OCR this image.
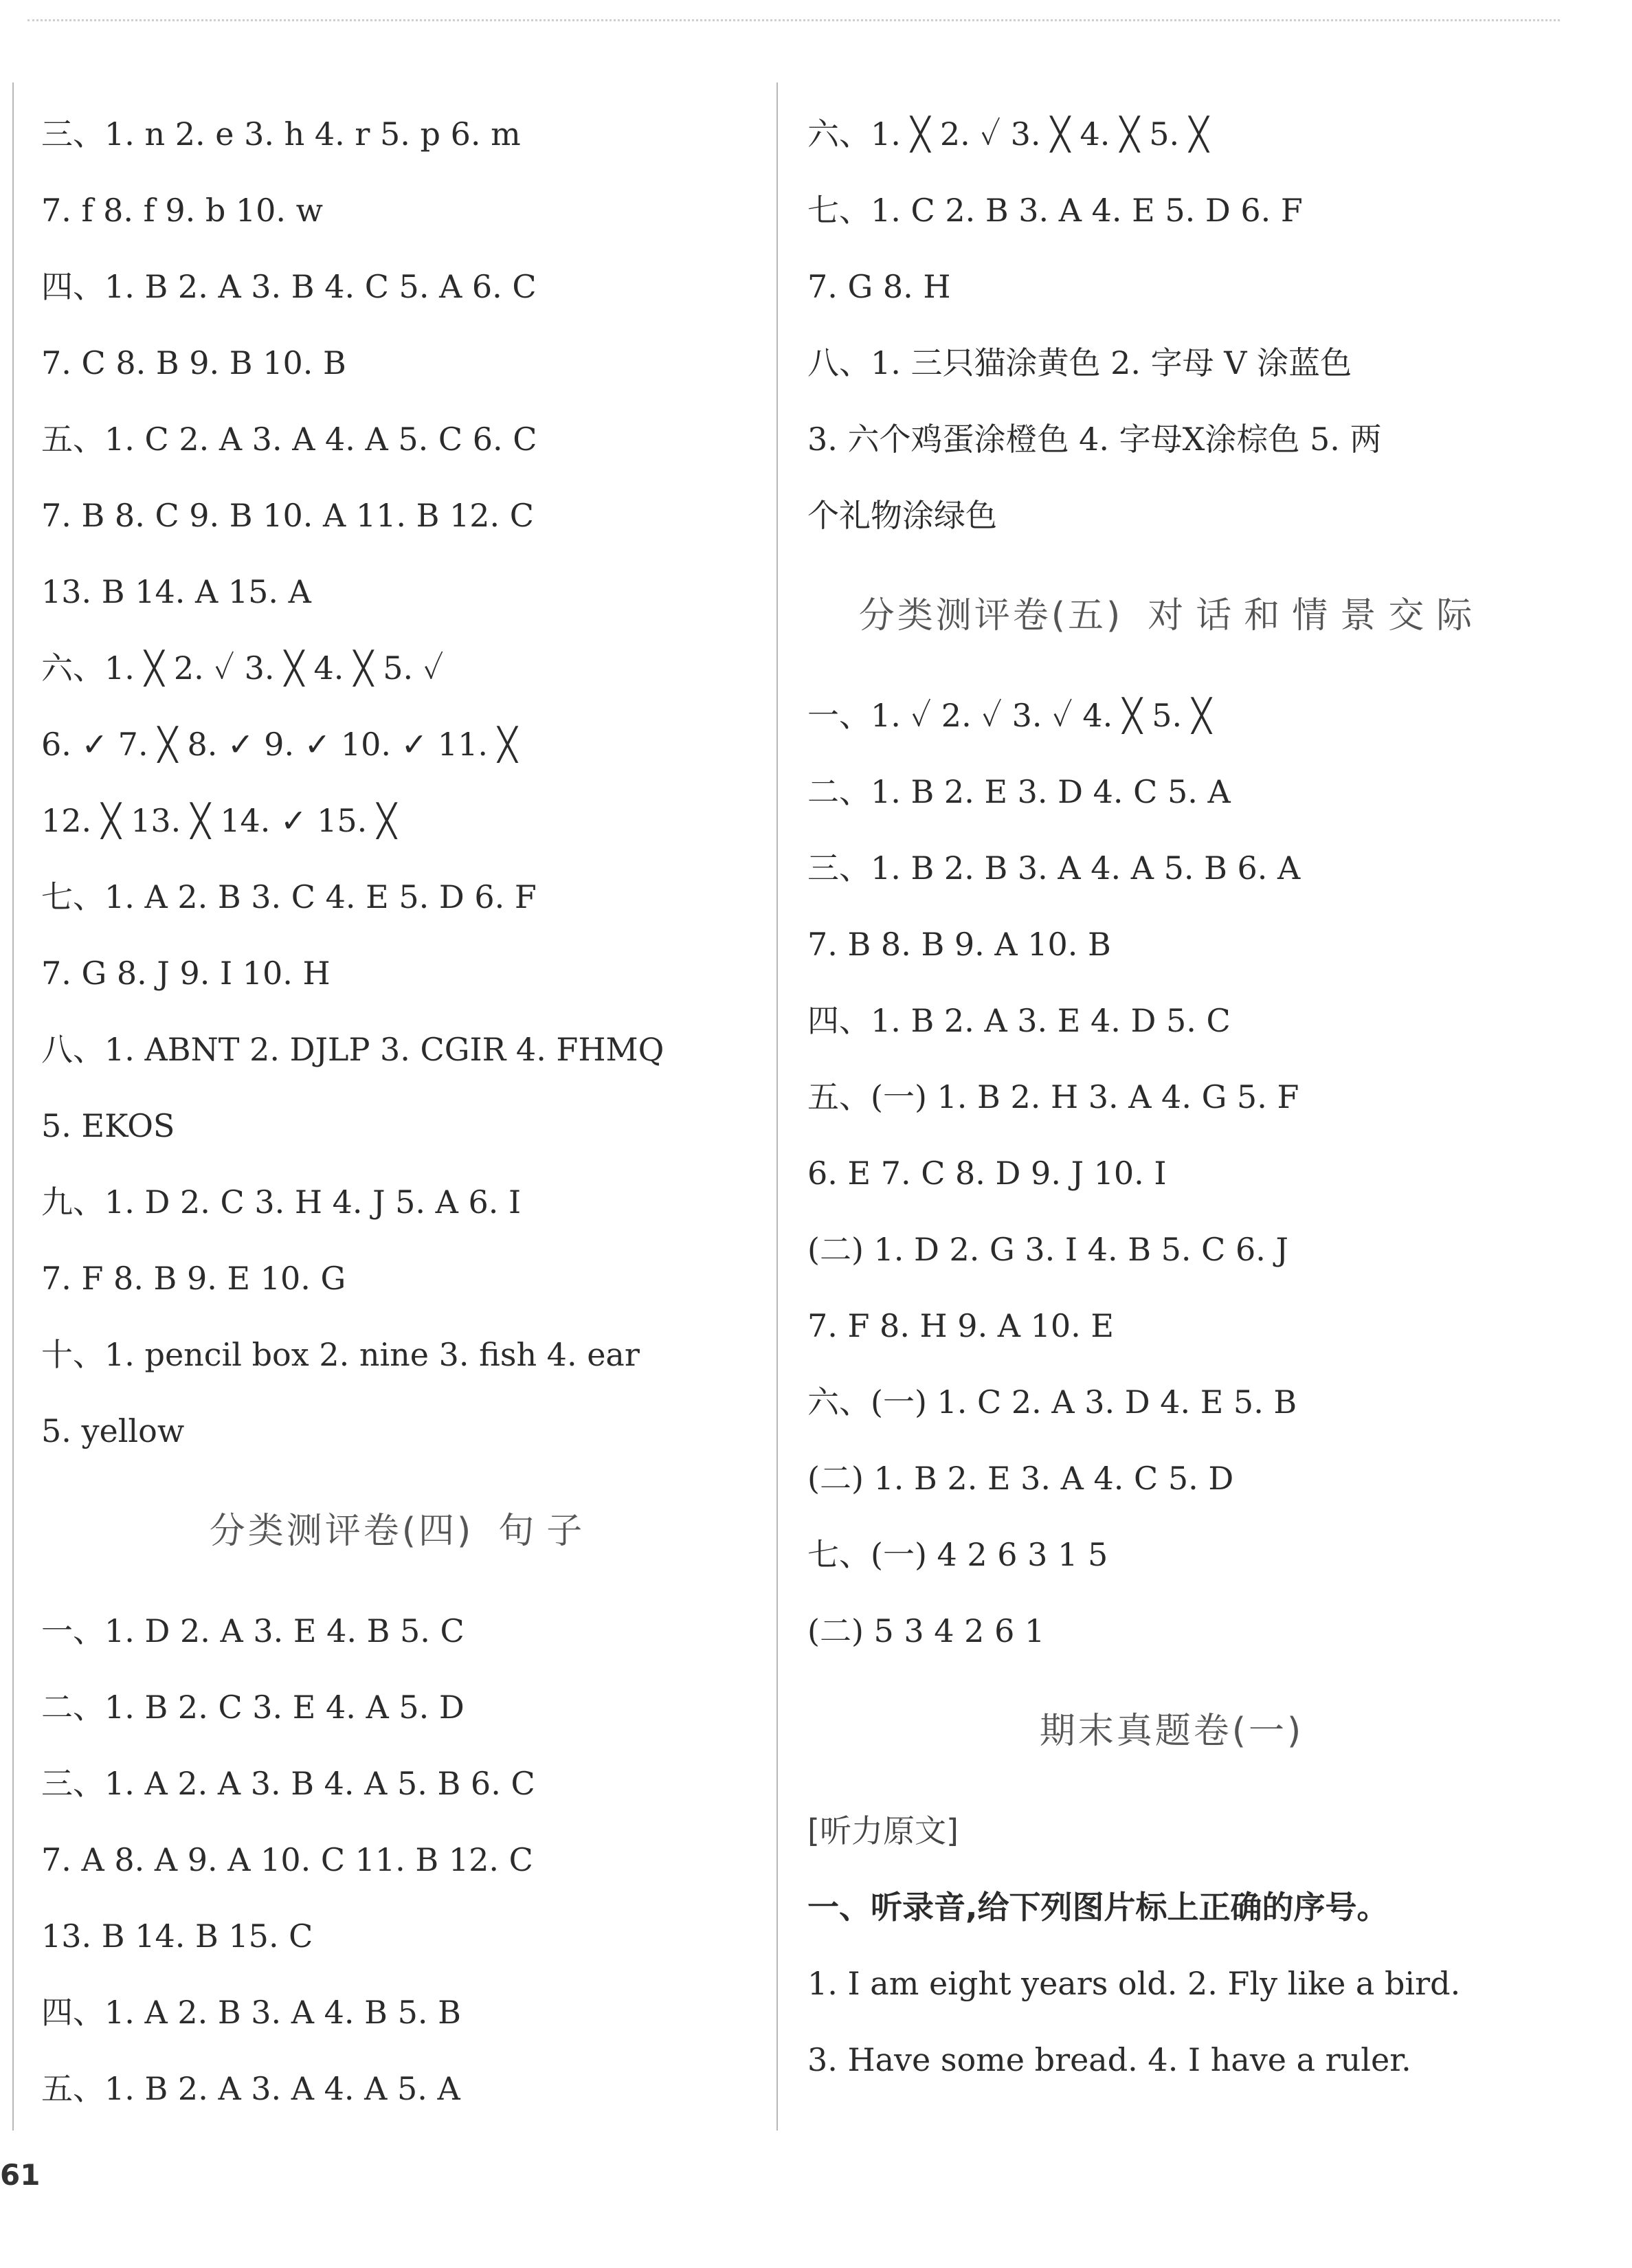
三、1. n 2. e 3. h 4. r 5. p 6. m
7. f 8. f 9. b 10. w
四、1. B 2. A 3. B 4. C 5. A 6. C
7. C 8. B 9. B 10. B
五、1. C 2. A 3. A 4. A 5. C 6. C
7. B 8. C 9. B 10. A 11. B 12. C
13. B 14. A 15. A
六、1. ╳ 2. ✓ 3. ╳ 4. ╳ 5. ✓
6. ✓ 7. ╳ 8. ✓ 9. ✓ 10. ✓ 11. ╳
12. ╳ 13. ╳ 14. ✓ 15. ╳
七、1. A 2. B 3. C 4. E 5. D 6. F
7. G 8. J 9. I 10. H
八、1. ABNT 2. DJLP 3. CGIR 4. FHMQ
5. EKOS
九、1. D 2. C 3. H 4. J 5. A 6. I
7. F 8. B 9. E 10. G
十、1. pencil box 2. nine 3. fish 4. ear
5. yellow
分类测评卷(四) 句子
一、1. D 2. A 3. E 4. B 5. C
二、1. B 2. C 3. E 4. A 5. D
三、1. A 2. A 3. B 4. A 5. B 6. C
7. A 8. A 9. A 10. C 11. B 12. C
13. B 14. B 15. C
四、1. A 2. B 3. A 4. B 5. B
五、1. B 2. A 3. A 4. A 5. A
六、1. ╳ 2. ✓ 3. ╳ 4. ╳ 5. ╳
七、1. C 2. B 3. A 4. E 5. D 6. F
7. G 8. H
八、1. 三只猫涂黄色 2. 字母 V 涂蓝色
3. 六个鸡蛋涂橙色 4. 字母X涂棕色 5. 两
个礼物涂绿色
分类测评卷(五) 对话和情景交际
一、1. ✓ 2. ✓ 3. ✓ 4. ╳ 5. ╳
二、1. B 2. E 3. D 4. C 5. A
三、1. B 2. B 3. A 4. A 5. B 6. A
7. B 8. B 9. A 10. B
四、1. B 2. A 3. E 4. D 5. C
五、(一) 1. B 2. H 3. A 4. G 5. F
6. E 7. C 8. D 9. J 10. I
(二) 1. D 2. G 3. I 4. B 5. C 6. J
7. F 8. H 9. A 10. E
六、(一) 1. C 2. A 3. D 4. E 5. B
(二) 1. B 2. E 3. A 4. C 5. D
七、(一) 4 2 6 3 1 5
(二) 5 3 4 2 6 1
期末真题卷(一)
[听力原文]
一、听录音,给下列图片标上正确的序号。
1. I am eight years old. 2. Fly like a bird.
3. Have some bread. 4. I have a ruler.
61
